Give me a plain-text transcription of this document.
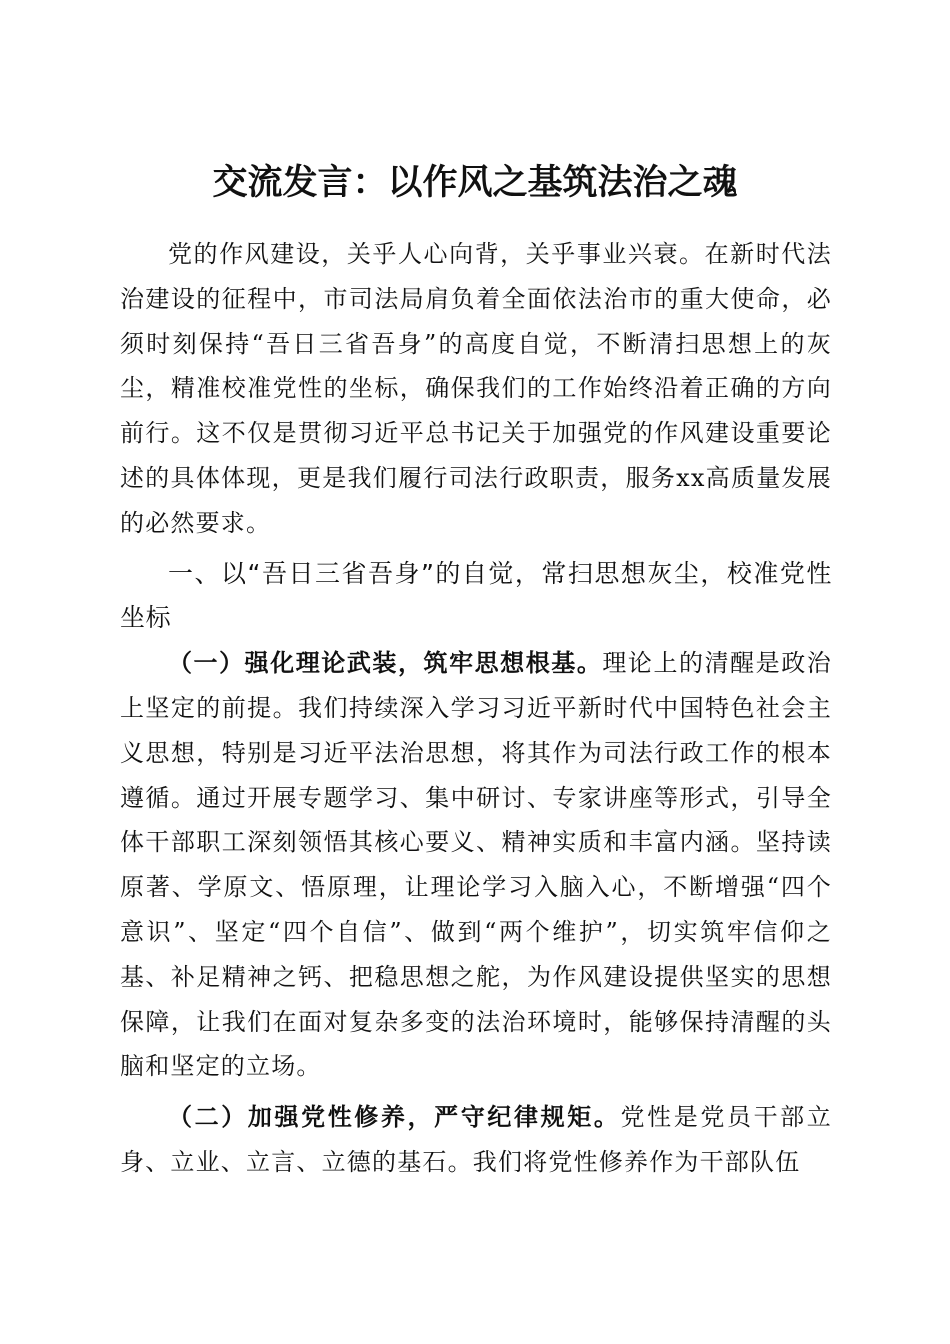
交流发言：以作风之基筑法治之魂

党的作风建设，关乎人心向背，关乎事业兴衰。在新时代法治建设的征程中，市司法局肩负着全面依法治市的重大使命，必须时刻保持“吾日三省吾身”的高度自觉，不断清扫思想上的灰尘，精准校准党性的坐标，确保我们的工作始终沿着正确的方向前行。这不仅是贯彻习近平总书记关于加强党的作风建设重要论述的具体体现，更是我们履行司法行政职责，服务xx高质量发展的必然要求。

一、以“吾日三省吾身”的自觉，常扫思想灰尘，校准党性坐标

（一）强化理论武装，筑牢思想根基。理论上的清醒是政治上坚定的前提。我们持续深入学习习近平新时代中国特色社会主义思想，特别是习近平法治思想，将其作为司法行政工作的根本遵循。通过开展专题学习、集中研讨、专家讲座等形式，引导全体干部职工深刻领悟其核心要义、精神实质和丰富内涵。坚持读原著、学原文、悟原理，让理论学习入脑入心，不断增强“四个意识”、坚定“四个自信”、做到“两个维护”，切实筑牢信仰之基、补足精神之钙、把稳思想之舵，为作风建设提供坚实的思想保障，让我们在面对复杂多变的法治环境时，能够保持清醒的头脑和坚定的立场。

（二）加强党性修养，严守纪律规矩。党性是党员干部立身、立业、立言、立德的基石。我们将党性修养作为干部队伍
